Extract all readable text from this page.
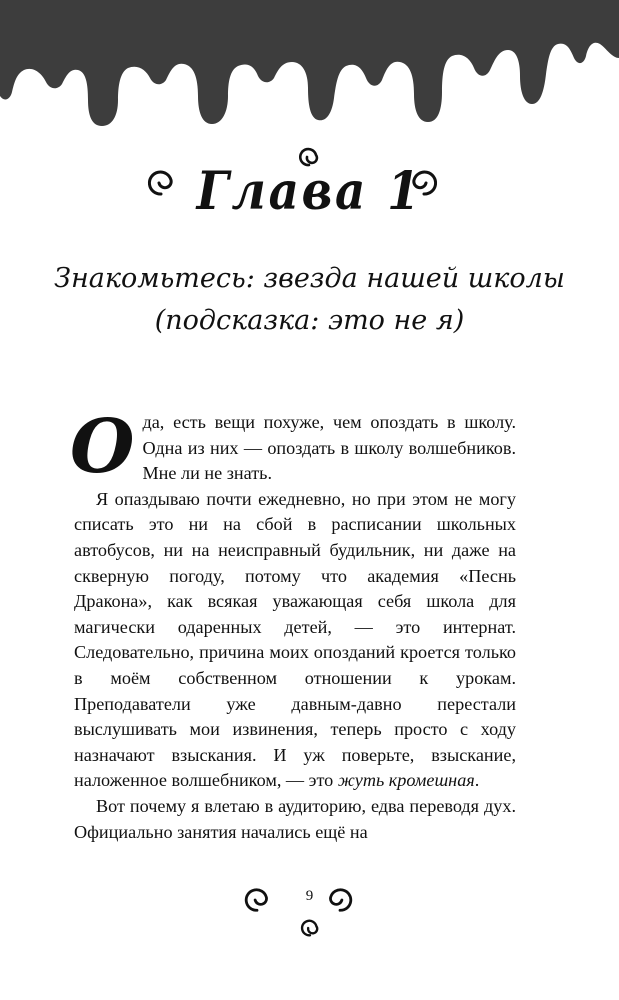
Глава 1
Знакомьтесь: звезда нашей школы
(подсказка: это не я)

О да, есть вещи похуже, чем опоздать в школу. Одна из них — опоздать в школу волшебников. Мне ли не знать.

Я опаздываю почти ежедневно, но при этом не могу списать это ни на сбой в расписании школьных автобусов, ни на неисправный будильник, ни даже на скверную погоду, потому что академия «Песнь Дракона», как всякая уважающая себя школа для магически одаренных детей, — это интернат. Следовательно, причина моих опозданий кроется только в моём собственном отношении к урокам. Преподаватели уже давным-давно перестали выслушивать мои извинения, теперь просто с ходу назначают взыскания. И уж поверьте, взыскание, наложенное волшебником, — это жуть кромешная.

Вот почему я влетаю в аудиторию, едва переводя дух. Официально занятия начались ещё на

9
